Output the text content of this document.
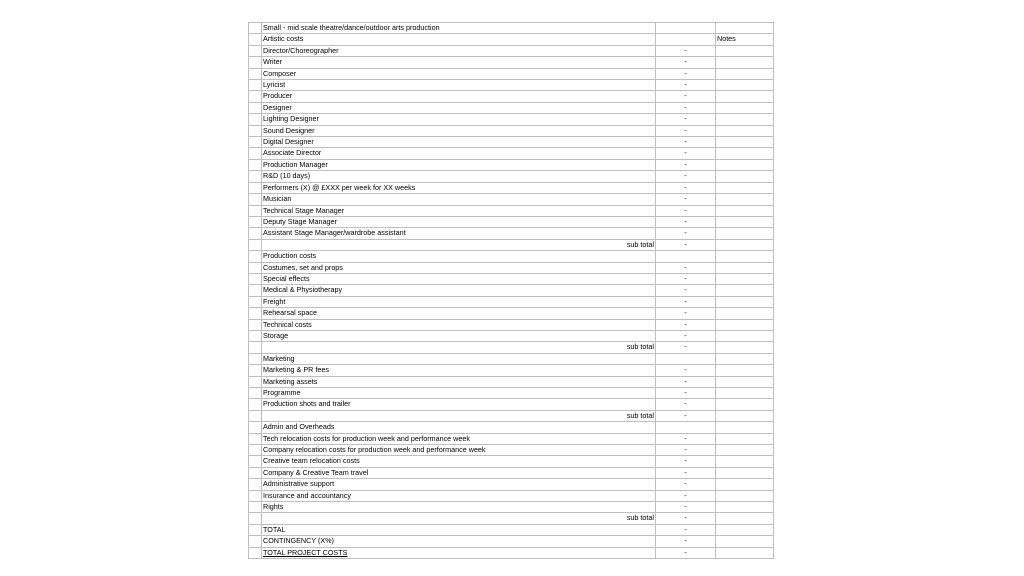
	Small - mid scale theatre/dance/outdoor arts production		
	Artistic costs		Notes
	Director/Choreographer	-	
	Writer	-	
	Composer	-	
	Lyricist	-	
	Producer	-	
	Designer	-	
	Lighting Designer	-	
	Sound Designer	-	
	Digital Designer	-	
	Associate Director	-	
	Production Manager	-	
	R&D (10 days)	-	
	Performers (X) @ £XXX per week for XX weeks	-	
	Musician	-	
	Technical Stage Manager	-	
	Deputy Stage Manager	-	
	Assistant Stage Manager/wardrobe assistant	-	
	sub total	-	
	Production costs		
	Costumes, set and props	-	
	Special effects	-	
	Medical & Physiotherapy	-	
	Freight	-	
	Rehearsal space	-	
	Technical costs	-	
	Storage	-	
	sub total	-	
	Marketing		
	Marketing & PR fees	-	
	Marketing assets	-	
	Programme	-	
	Production shots and trailer	-	
	sub total	-	
	Admin and Overheads		
	Tech relocation costs for production week and performance week	-	
	Company relocation costs for production week and performance week	-	
	Creative team relocation costs	-	
	Company & Creative Team travel	-	
	Administrative support	-	
	Insurance and accountancy	-	
	Rights	-	
	sub total	-	
	TOTAL	-	
	CONTINGENCY (X%)	-	
	TOTAL PROJECT COSTS	-	
